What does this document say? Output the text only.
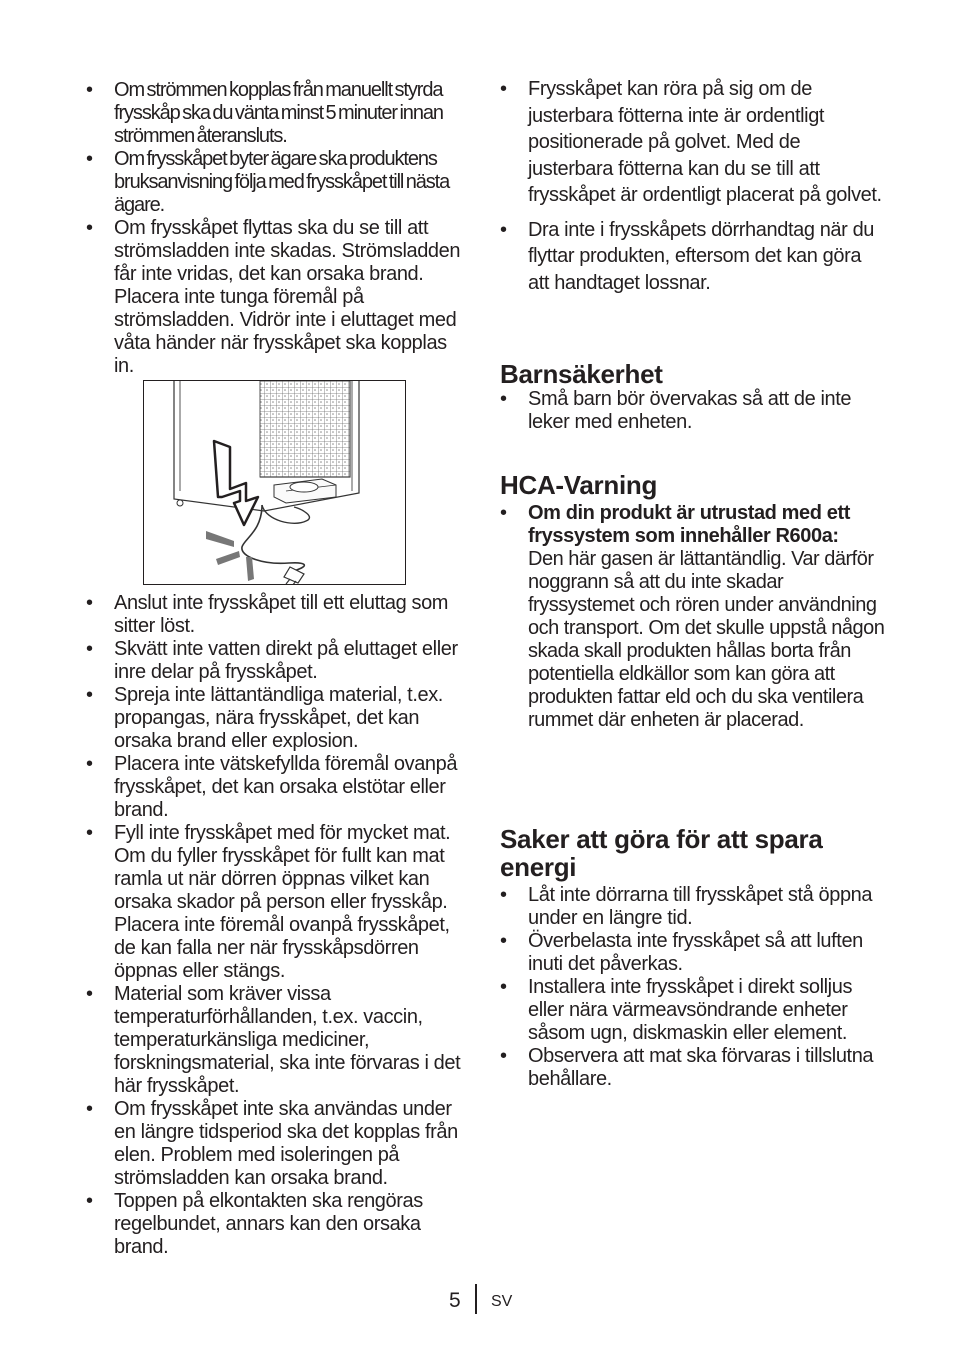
• Om strömmen kopplas från manuellt styrda frysskåp ska du vänta minst 5 minuter innan strömmen återansluts.
• Om frysskåpet byter ägare ska produktens bruksanvisning följa med frysskåpet till nästa ägare.
• Om frysskåpet flyttas ska du se till att strömsladden inte skadas. Strömsladden får inte vridas, det kan orsaka brand. Placera inte tunga föremål på strömsladden. Vidrör inte i eluttaget med våta händer när frysskåpet ska kopplas in.
• Anslut inte frysskåpet till ett eluttag som sitter löst.
• Skvätt inte vatten direkt på eluttaget eller inre delar på frysskåpet.
• Spreja inte lättantändliga material, t.ex. propangas, nära frysskåpet, det kan orsaka brand eller explosion.
• Placera inte vätskefyllda föremål ovanpå frysskåpet, det kan orsaka elstötar eller brand.
• Fyll inte frysskåpet med för mycket mat. Om du fyller frysskåpet för fullt kan mat ramla ut när dörren öppnas vilket kan orsaka skador på person eller frysskåp. Placera inte föremål ovanpå frysskåpet, de kan falla ner när frysskåpsdörren öppnas eller stängs.
• Material som kräver vissa temperaturförhållanden, t.ex. vaccin, temperaturkänsliga mediciner, forskningsmaterial, ska inte förvaras i det här frysskåpet.
• Om frysskåpet inte ska användas under en längre tidsperiod ska det kopplas från elen. Problem med isoleringen på strömsladden kan orsaka brand.
• Toppen på elkontakten ska rengöras regelbundet, annars kan den orsaka brand.
• Frysskåpet kan röra på sig om de justerbara fötterna inte är ordentligt positionerade på golvet. Med de justerbara fötterna kan du se till att frysskåpet är ordentligt placerat på golvet.
• Dra inte i frysskåpets dörrhandtag när du flyttar produkten, eftersom det kan göra att handtaget lossnar.
Barnsäkerhet
• Små barn bör övervakas så att de inte leker med enheten.
HCA-Varning
• Om din produkt är utrustad med ett fryssystem som innehåller R600a:
Den här gasen är lättantändlig. Var därför noggrann så att du inte skadar fryssystemet och rören under användning och transport. Om det skulle uppstå någon skada skall produkten hållas borta från potentiella eldkällor som kan göra att produkten fattar eld och du ska ventilera rummet där enheten är placerad.
Saker att göra för att spara energi
• Låt inte dörrarna till frysskåpet stå öppna under en längre tid.
• Överbelasta inte frysskåpet så att luften inuti det påverkas.
• Installera inte frysskåpet i direkt solljus eller nära värmeavsöndrande enheter såsom ugn, diskmaskin eller element.
• Observera att mat ska förvaras i tillslutna behållare.
5 SV
